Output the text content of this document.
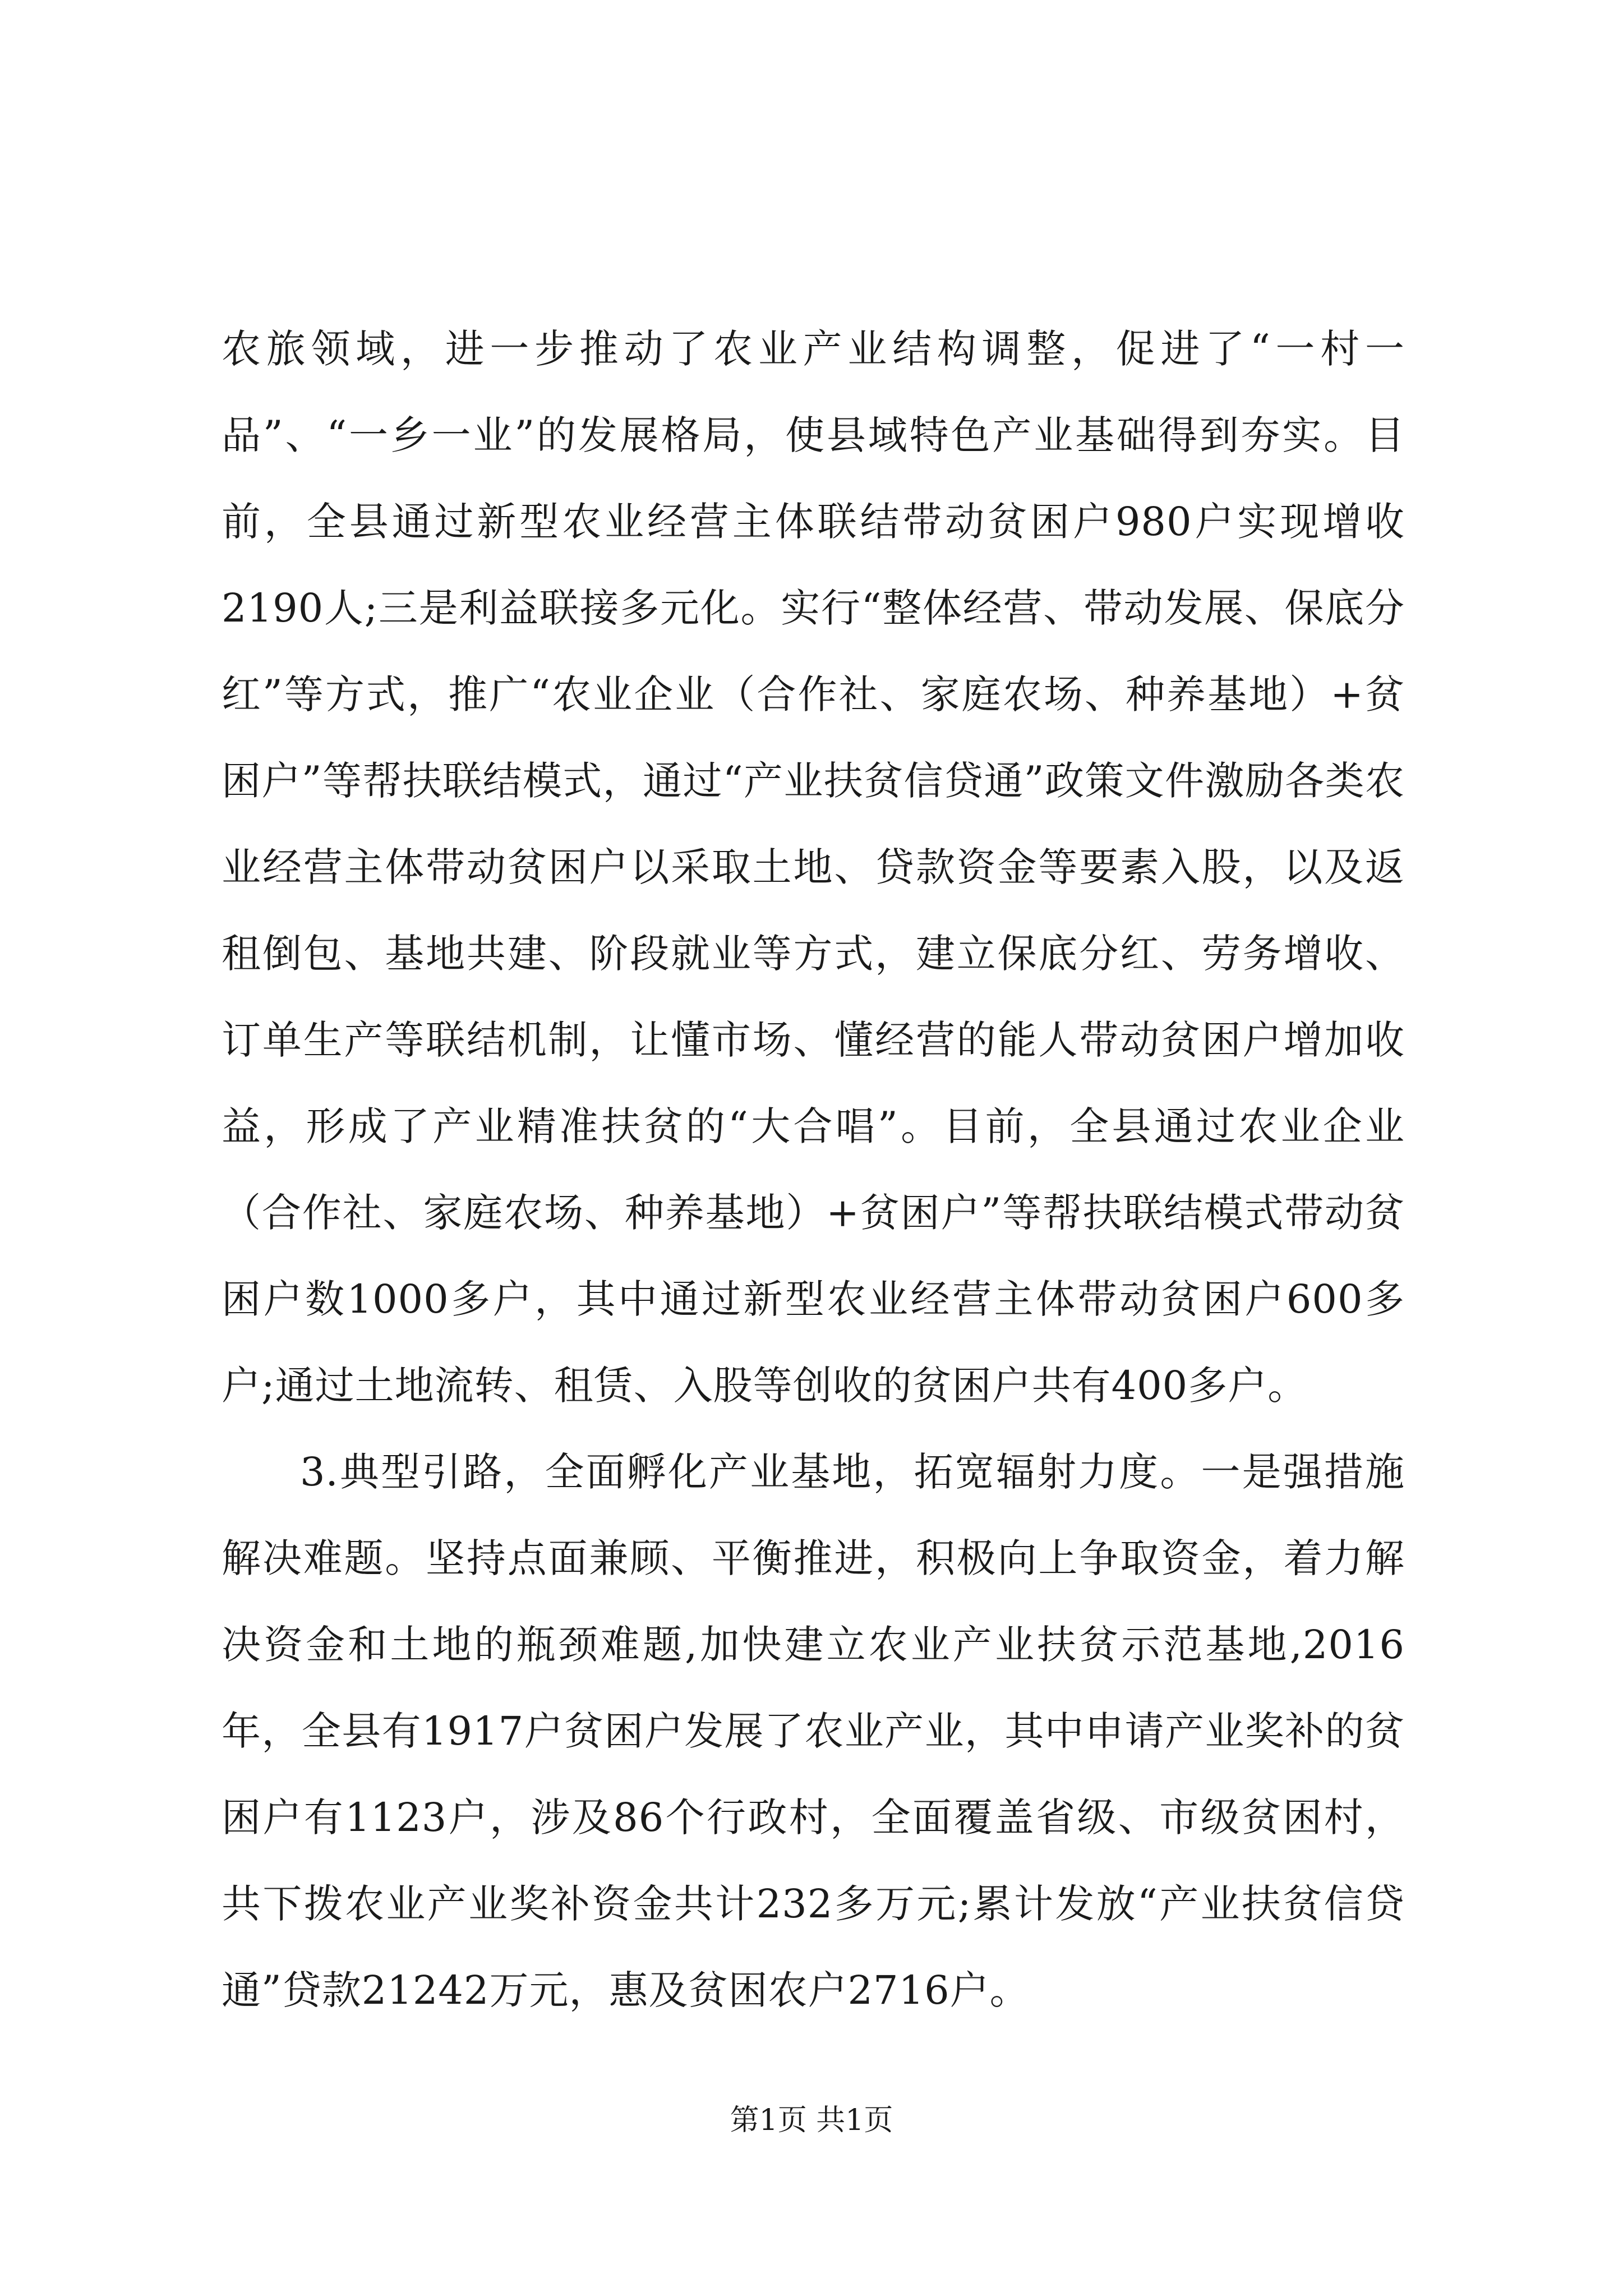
农旅领域，进一步推动了农业产业结构调整，促进了“一村一品”、“一乡一业”的发展格局，使县域特色产业基础得到夯实。目前，全县通过新型农业经营主体联结带动贫困户980户实现增收2190人;三是利益联接多元化。实行“整体经营、带动发展、保底分红”等方式，推广“农业企业（合作社、家庭农场、种养基地）+贫困户”等帮扶联结模式，通过“产业扶贫信贷通”政策文件激励各类农业经营主体带动贫困户以采取土地、贷款资金等要素入股，以及返租倒包、基地共建、阶段就业等方式，建立保底分红、劳务增收、订单生产等联结机制，让懂市场、懂经营的能人带动贫困户增加收益，形成了产业精准扶贫的“大合唱”。目前，全县通过农业企业（合作社、家庭农场、种养基地）+贫困户”等帮扶联结模式带动贫困户数1000多户，其中通过新型农业经营主体带动贫困户600多户;通过土地流转、租赁、入股等创收的贫困户共有400多户。

3.典型引路，全面孵化产业基地，拓宽辐射力度。一是强措施解决难题。坚持点面兼顾、平衡推进，积极向上争取资金，着力解决资金和土地的瓶颈难题,加快建立农业产业扶贫示范基地,2016年，全县有1917户贫困户发展了农业产业，其中申请产业奖补的贫困户有1123户，涉及86个行政村，全面覆盖省级、市级贫困村，共下拨农业产业奖补资金共计232多万元;累计发放“产业扶贫信贷通”贷款21242万元，惠及贫困农户2716户。

第1页 共1页
